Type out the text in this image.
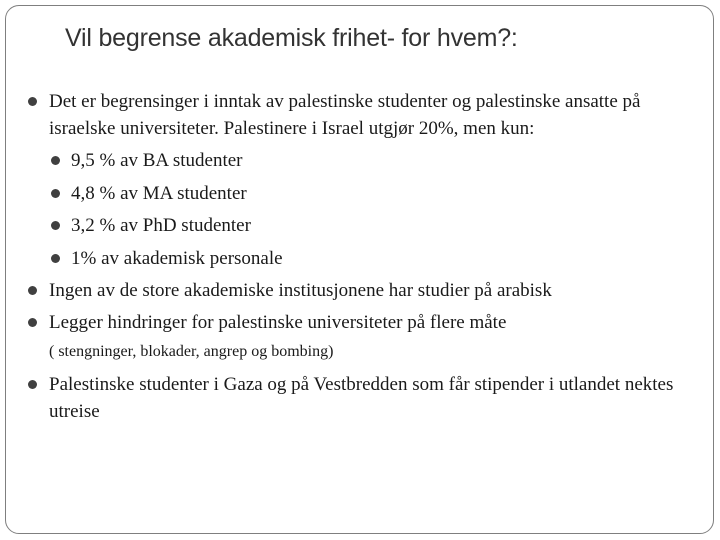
Vil begrense akademisk frihet- for hvem?:
Det er begrensinger i inntak av palestinske studenter og palestinske ansatte på israelske universiteter. Palestinere i Israel utgjør 20%, men kun:
9,5 % av BA studenter
4,8 % av MA studenter
3,2 % av PhD studenter
1% av akademisk personale
Ingen av de store akademiske institusjonene har studier på arabisk
Legger hindringer for palestinske universiteter på flere måte
( stengninger, blokader, angrep og bombing)
Palestinske studenter i Gaza og på Vestbredden som får stipender i utlandet nektes utreise
